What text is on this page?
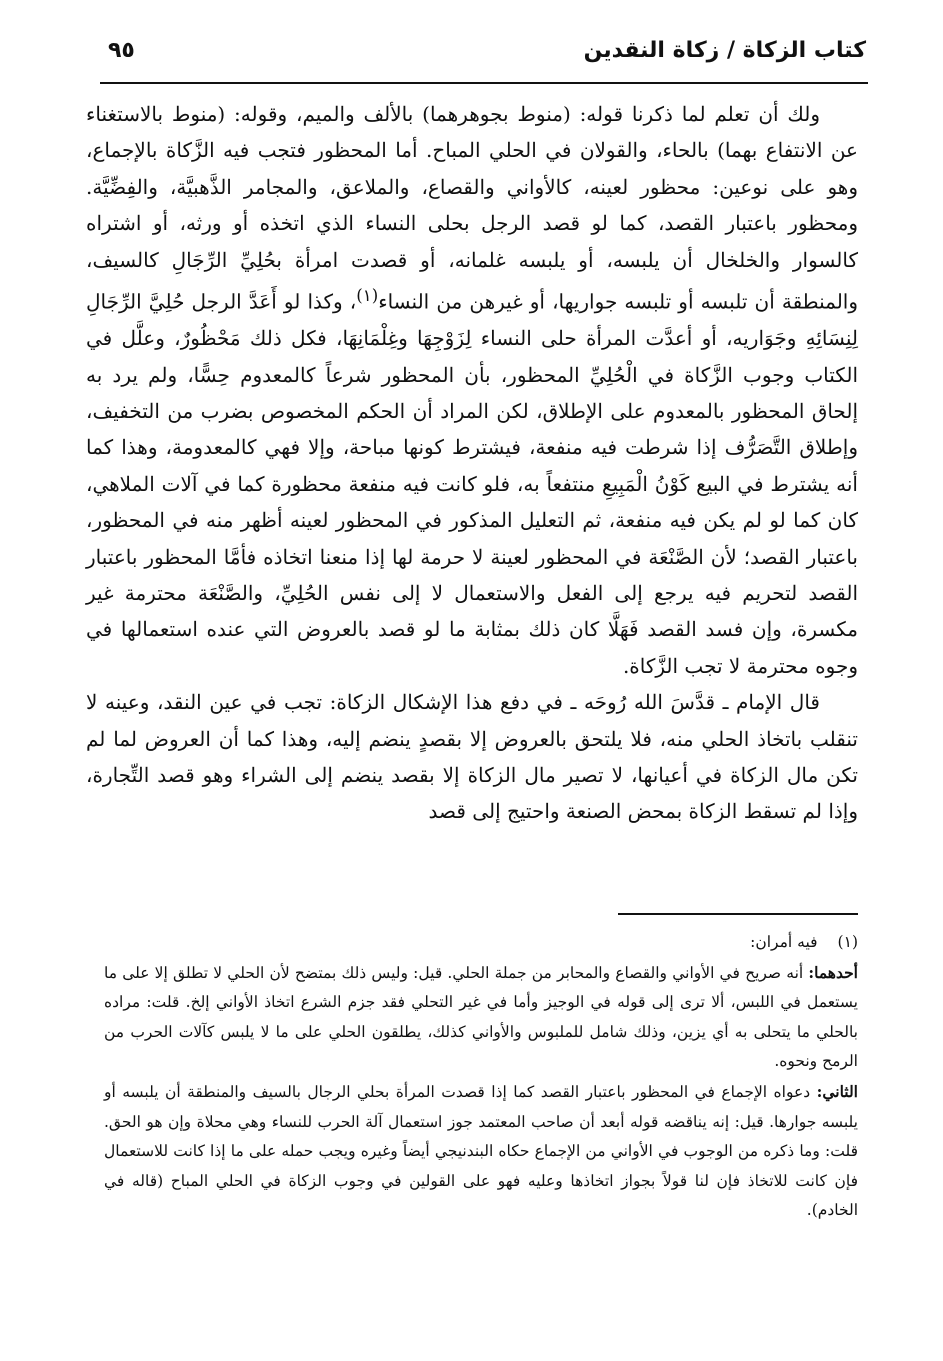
كتاب الزكاة / زكاة النقدين
٩٥

ولك أن تعلم لما ذكرنا قوله: (منوط بجوهرهما) بالألف والميم، وقوله: (منوط بالاستغناء عن الانتفاع بهما) بالحاء، والقولان في الحلي المباح. أما المحظور فتجب فيه الزَّكاة بالإجماع، وهو على نوعين: محظور لعينه، كالأواني والقصاع، والملاعق، والمجامر الذَّهبيَّة، والفِضِّيَّة. ومحظور باعتبار القصد، كما لو قصد الرجل بحلى النساء الذي اتخذه أو ورثه، أو اشتراه كالسوار والخلخال أن يلبسه، أو يلبسه غلمانه، أو قصدت امرأة بحُلِيِّ الرِّجَالِ كالسيف، والمنطقة أن تلبسه أو تلبسه جواريها، أو غيرهن من النساء$^{(١)}$، وكذا لو أَعَدَّ الرجل حُلِيَّ الرِّجَالِ لِنِسَائِهِ وجَوَاريه، أو أعدَّت المرأة حلى النساء لِزَوْجِهَا وغِلْمَانِهَا، فكل ذلك مَحْظُورٌ، وعلَّل في الكتاب وجوب الزَّكاة في الْحُلِيِّ المحظور، بأن المحظور شرعاً كالمعدوم حِسًّا، ولم يرد به إلحاق المحظور بالمعدوم على الإطلاق، لكن المراد أن الحكم المخصوص بضرب من التخفيف، وإطلاق التَّصَرُّف إذا شرطت فيه منفعة، فيشترط كونها مباحة، وإلا فهي كالمعدومة، وهذا كما أنه يشترط في البيع كَوْنُ الْمَبِيعِ منتفعاً به، فلو كانت فيه منفعة محظورة كما في آلات الملاهي، كان كما لو لم يكن فيه منفعة، ثم التعليل المذكور في المحظور لعينه أظهر منه في المحظور، باعتبار القصد؛ لأن الصَّنْعَة في المحظور لعينة لا حرمة لها إذا منعنا اتخاذه فأمَّا المحظور باعتبار القصد لتحريم فيه يرجع إلى الفعل والاستعمال لا إلى نفس الحُلِيِّ، والصَّنْعَة محترمة غير مكسرة، وإن فسد القصد فَهَلَّا كان ذلك بمثابة ما لو قصد بالعروض التي عنده استعمالها في وجوه محترمة لا تجب الزَّكاة.

قال الإمام ـ قدَّسَ الله رُوحَه ـ في دفع هذا الإشكال الزكاة: تجب في عين النقد، وعينه لا تنقلب باتخاذ الحلي منه، فلا يلتحق بالعروض إلا بقصدٍ ينضم إليه، وهذا كما أن العروض لما لم تكن مال الزكاة في أعيانها، لا تصير مال الزكاة إلا بقصد ينضم إلى الشراء وهو قصد التِّجارة، وإذا لم تسقط الزكاة بمحض الصنعة واحتيج إلى قصد

(١)فيه أمران:

أحدهما: أنه صريح في الأواني والقصاع والمحابر من جملة الحلي. قيل: وليس ذلك بمتضح لأن الحلي لا تطلق إلا على ما يستعمل في اللبس، ألا ترى إلى قوله في الوجيز وأما في غير التحلي فقد جزم الشرع اتخاذ الأواني إلخ. قلت: مراده بالحلي ما يتحلى به أي يزين، وذلك شامل للملبوس والأواني كذلك، يطلقون الحلي على ما لا يلبس كآلات الحرب من الرمح ونحوه.

الثاني: دعواه الإجماع في المحظور باعتبار القصد كما إذا قصدت المرأة بحلي الرجال بالسيف والمنطقة أن يلبسه أو يلبسه جوارها. قيل: إنه يناقضه قوله أبعد أن صاحب المعتمد جوز استعمال آلة الحرب للنساء وهي محلاة وإن هو الحق. قلت: وما ذكره من الوجوب في الأواني من الإجماع حكاه البندنيجي أيضاً وغيره ويجب حمله على ما إذا كانت للاستعمال فإن كانت للاتخاذ فإن لنا قولاً بجواز اتخاذها وعليه فهو على القولين في وجوب الزكاة في الحلي المباح (قاله في الخادم).
